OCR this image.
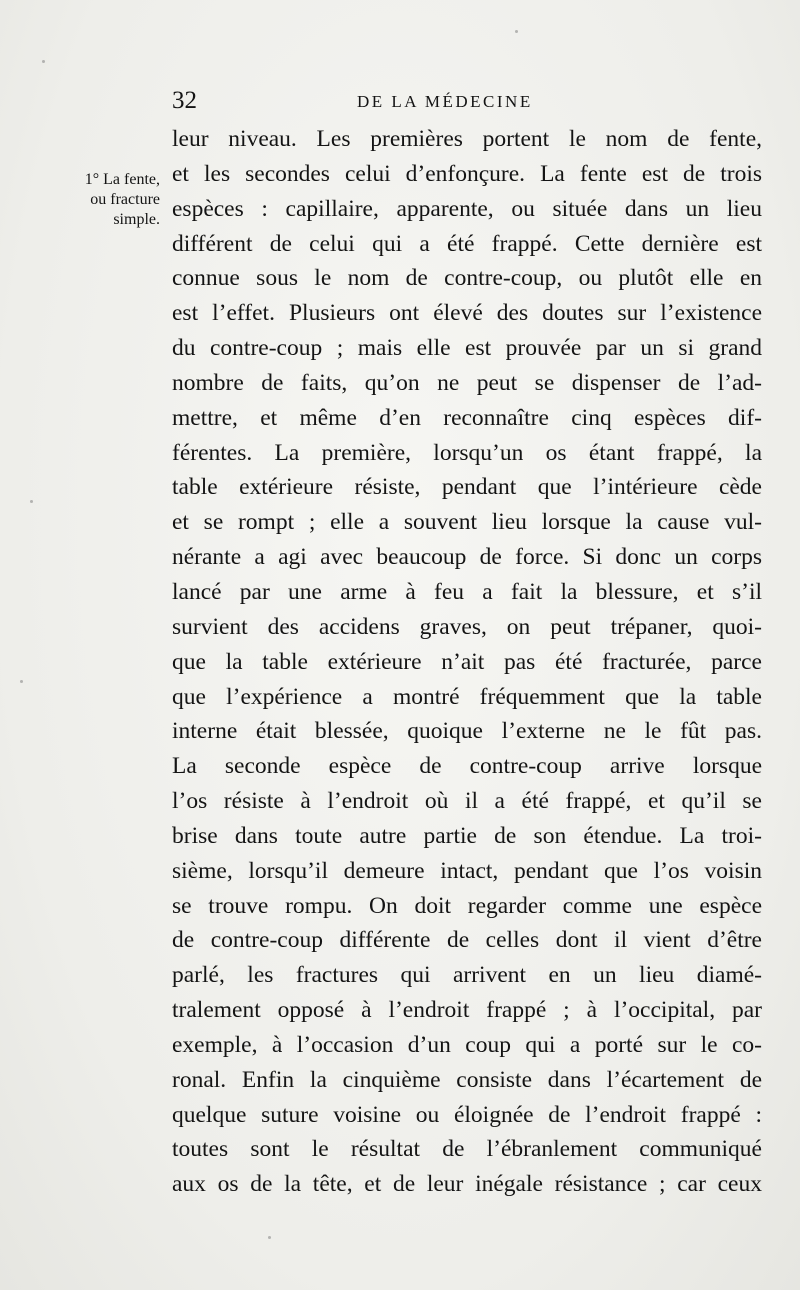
32	DE LA MÉDECINE
1° La fente,
ou fracture
simple.
leur niveau. Les premières portent le nom de fente,
et les secondes celui d’enfonçure. La fente est de trois
espèces : capillaire, apparente, ou située dans un lieu
différent de celui qui a été frappé. Cette dernière est
connue sous le nom de contre-coup, ou plutôt elle en
est l’effet. Plusieurs ont élevé des doutes sur l’existence
du contre-coup ; mais elle est prouvée par un si grand
nombre de faits, qu’on ne peut se dispenser de l’ad-
mettre, et même d’en reconnaître cinq espèces dif-
férentes. La première, lorsqu’un os étant frappé, la
table extérieure résiste, pendant que l’intérieure cède
et se rompt ; elle a souvent lieu lorsque la cause vul-
nérante a agi avec beaucoup de force. Si donc un corps
lancé par une arme à feu a fait la blessure, et s’il
survient des accidens graves, on peut trépaner, quoi-
que la table extérieure n’ait pas été fracturée, parce
que l’expérience a montré fréquemment que la table
interne était blessée, quoique l’externe ne le fût pas.
La seconde espèce de contre-coup arrive lorsque
l’os résiste à l’endroit où il a été frappé, et qu’il se
brise dans toute autre partie de son étendue. La troi-
sième, lorsqu’il demeure intact, pendant que l’os voisin
se trouve rompu. On doit regarder comme une espèce
de contre-coup différente de celles dont il vient d’être
parlé, les fractures qui arrivent en un lieu diamé-
tralement opposé à l’endroit frappé ; à l’occipital, par
exemple, à l’occasion d’un coup qui a porté sur le co-
ronal. Enfin la cinquième consiste dans l’écartement de
quelque suture voisine ou éloignée de l’endroit frappé :
toutes sont le résultat de l’ébranlement communiqué
aux os de la tête, et de leur inégale résistance ; car ceux
